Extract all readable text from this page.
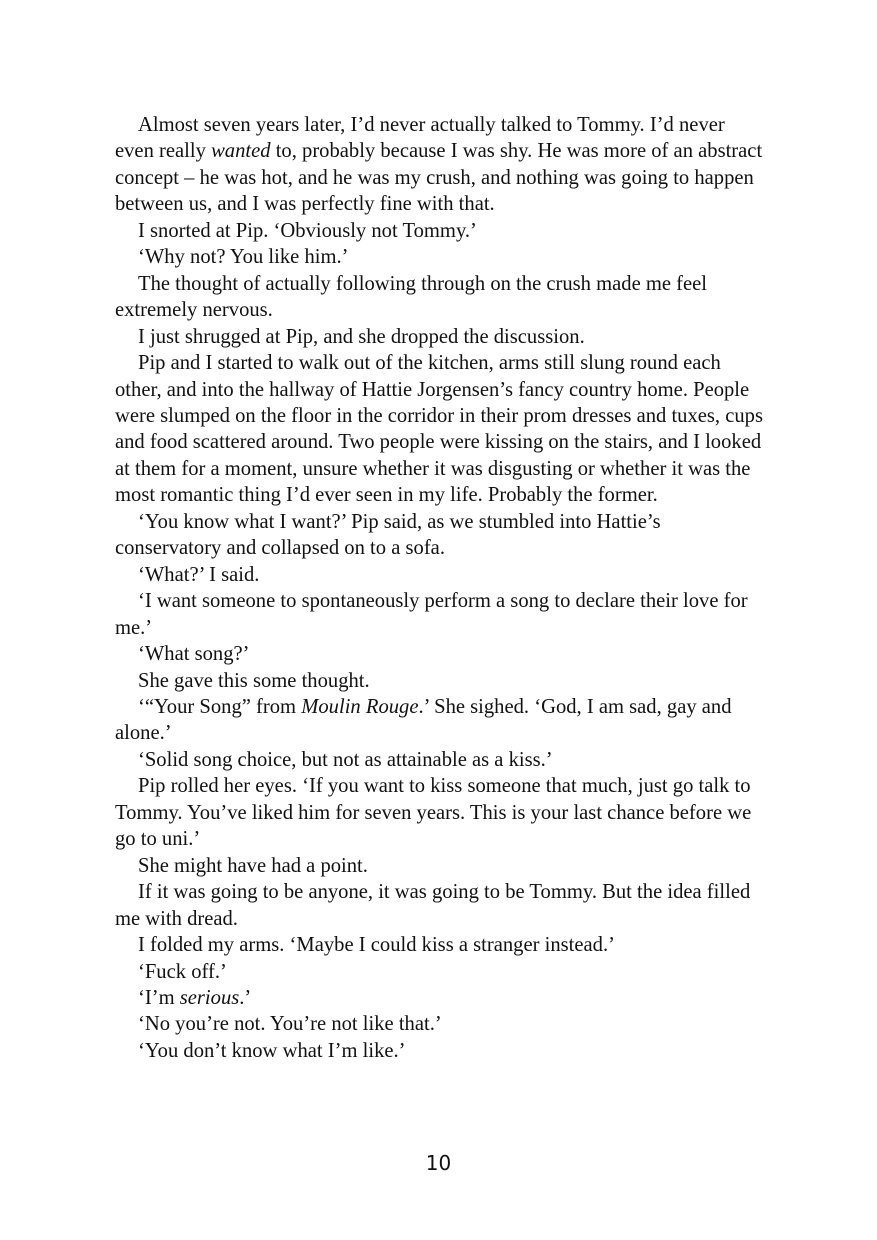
Almost seven years later, I’d never actually talked to Tommy. I’d never even really wanted to, probably because I was shy. He was more of an abstract concept – he was hot, and he was my crush, and nothing was going to happen between us, and I was perfectly fine with that.

I snorted at Pip. ‘Obviously not Tommy.’

‘Why not? You like him.’

The thought of actually following through on the crush made me feel extremely nervous.

I just shrugged at Pip, and she dropped the discussion.

Pip and I started to walk out of the kitchen, arms still slung round each other, and into the hallway of Hattie Jorgensen’s fancy country home. People were slumped on the floor in the corridor in their prom dresses and tuxes, cups and food scattered around. Two people were kissing on the stairs, and I looked at them for a moment, unsure whether it was disgusting or whether it was the most romantic thing I’d ever seen in my life. Probably the former.

‘You know what I want?’ Pip said, as we stumbled into Hattie’s conservatory and collapsed on to a sofa.

‘What?’ I said.

‘I want someone to spontaneously perform a song to declare their love for me.’

‘What song?’

She gave this some thought.

‘“Your Song” from Moulin Rouge.’ She sighed. ‘God, I am sad, gay and alone.’

‘Solid song choice, but not as attainable as a kiss.’

Pip rolled her eyes. ‘If you want to kiss someone that much, just go talk to Tommy. You’ve liked him for seven years. This is your last chance before we go to uni.’

She might have had a point.

If it was going to be anyone, it was going to be Tommy. But the idea filled me with dread.

I folded my arms. ‘Maybe I could kiss a stranger instead.’

‘Fuck off.’

‘I’m serious.’

‘No you’re not. You’re not like that.’

‘You don’t know what I’m like.’

10
